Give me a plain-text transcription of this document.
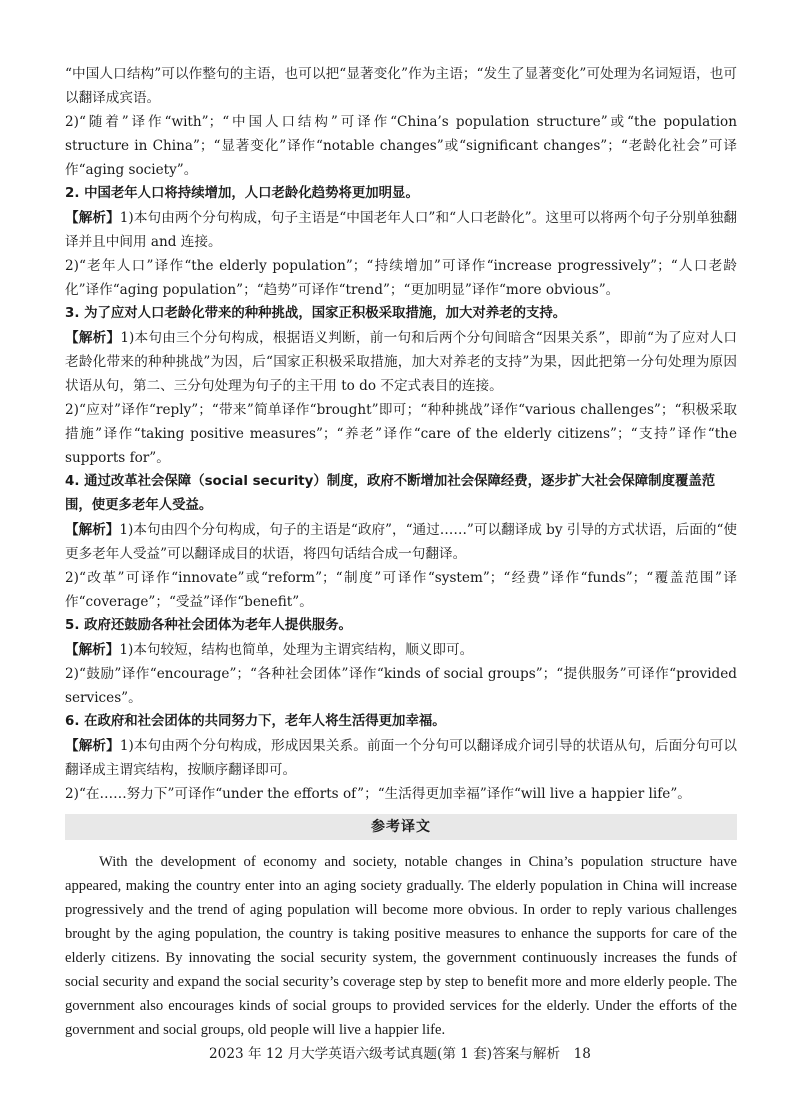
“中国人口结构”可以作整句的主语，也可以把“显著变化”作为主语；“发生了显著变化”可处理为名词短语，也可以翻译成宾语。

2)“随着”译作“with”；“中国人口结构”可译作“China’s population structure”或“the population structure in China”；“显著变化”译作“notable changes”或“significant changes”；“老龄化社会”可译作“aging society”。

2. 中国老年人口将持续增加，人口老龄化趋势将更加明显。

【解析】1)本句由两个分句构成，句子主语是“中国老年人口”和“人口老龄化”。这里可以将两个句子分别单独翻译并且中间用 and 连接。

2)“老年人口”译作“the elderly population”；“持续增加”可译作“increase progressively”；“人口老龄化”译作“aging population”；“趋势”可译作“trend”；“更加明显”译作“more obvious”。

3. 为了应对人口老龄化带来的种种挑战，国家正积极采取措施，加大对养老的支持。

【解析】1)本句由三个分句构成，根据语义判断，前一句和后两个分句间暗含“因果关系”，即前“为了应对人口老龄化带来的种种挑战”为因，后“国家正积极采取措施，加大对养老的支持”为果，因此把第一分句处理为原因状语从句，第二、三分句处理为句子的主干用 to do 不定式表目的连接。

2)“应对”译作“reply”；“带来”简单译作“brought”即可；“种种挑战”译作“various challenges”；“积极采取措施”译作“taking positive measures”；“养老”译作“care of the elderly citizens”；“支持”译作“the supports for”。

4. 通过改革社会保障（social security）制度，政府不断增加社会保障经费，逐步扩大社会保障制度覆盖范围，使更多老年人受益。

【解析】1)本句由四个分句构成，句子的主语是“政府”，“通过……”可以翻译成 by 引导的方式状语，后面的“使更多老年人受益”可以翻译成目的状语，将四句话结合成一句翻译。

2)“改革”可译作“innovate”或“reform”；“制度”可译作“system”；“经费”译作“funds”；“覆盖范围”译作“coverage”；“受益”译作“benefit”。

5. 政府还鼓励各种社会团体为老年人提供服务。

【解析】1)本句较短，结构也简单，处理为主谓宾结构，顺义即可。

2)“鼓励”译作“encourage”；“各种社会团体”译作“kinds of social groups”；“提供服务”可译作“provided services”。

6. 在政府和社会团体的共同努力下，老年人将生活得更加幸福。

【解析】1)本句由两个分句构成，形成因果关系。前面一个分句可以翻译成介词引导的状语从句，后面分句可以翻译成主谓宾结构，按顺序翻译即可。

2)“在……努力下”可译作“under the efforts of”；“生活得更加幸福”译作“will live a happier life”。

参考译文

With the development of economy and society, notable changes in China’s population structure have appeared, making the country enter into an aging society gradually. The elderly population in China will increase progressively and the trend of aging population will become more obvious. In order to reply various challenges brought by the aging population, the country is taking positive measures to enhance the supports for care of the elderly citizens. By innovating the social security system, the government continuously increases the funds of social security and expand the social security’s coverage step by step to benefit more and more elderly people. The government also encourages kinds of social groups to provided services for the elderly. Under the efforts of the government and social groups, old people will live a happier life.

2023 年 12 月大学英语六级考试真题(第 1 套)答案与解析　18
